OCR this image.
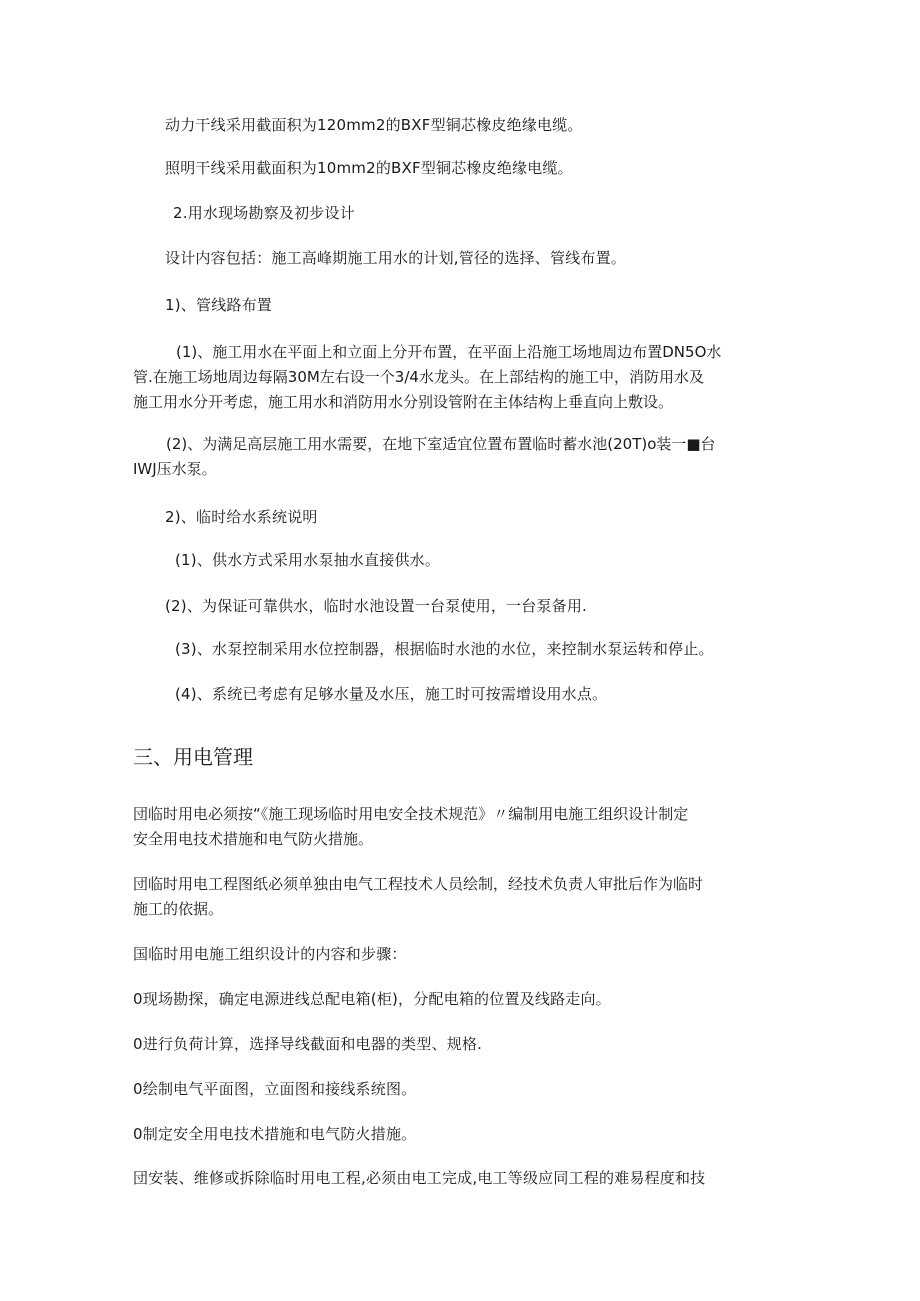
动力干线采用截面积为120mm2的BXF型铜芯橡皮绝缘电缆。
照明干线采用截面积为10mm2的BXF型铜芯橡皮绝缘电缆。
2.用水现场勘察及初步设计
设计内容包括：施工高峰期施工用水的计划,管径的选择、管线布置。
1)、管线路布置
(1)、施工用水在平面上和立面上分开布置，在平面上沿施工场地周边布置DN5O水
管.在施工场地周边每隔30M左右设一个3/4水龙头。在上部结构的施工中，消防用水及
施工用水分开考虑，施工用水和消防用水分别设管附在主体结构上垂直向上敷设。
(2)、为满足高层施工用水需要，在地下室适宜位置布置临时蓄水池(20T)o装一■台
IWJ压水泵。
2)、临时给水系统说明
(1)、供水方式采用水泵抽水直接供水。
(2)、为保证可靠供水，临时水池设置一台泵使用，一台泵备用.
(3)、水泵控制采用水位控制器，根据临时水池的水位，来控制水泵运转和停止。
(4)、系统已考虑有足够水量及水压，施工时可按需增设用水点。
三、用电管理
団临时用电必须按“《施工现场临时用电安全技术规范》〃编制用电施工组织设计制定
安全用电技术措施和电气防火措施。
団临时用电工程图纸必须单独由电气工程技术人员绘制，经技术负责人审批后作为临时
施工的依据。
国临时用电施工组织设计的内容和步骤：
0现场勘探，确定电源进线总配电箱(柜)，分配电箱的位置及线路走向。
0进行负荷计算，选择导线截面和电器的类型、规格.
0绘制电气平面图，立面图和接线系统图。
0制定安全用电技术措施和电气防火措施。
団安装、维修或拆除临时用电工程,必须由电工完成,电工等级应同工程的难易程度和技
